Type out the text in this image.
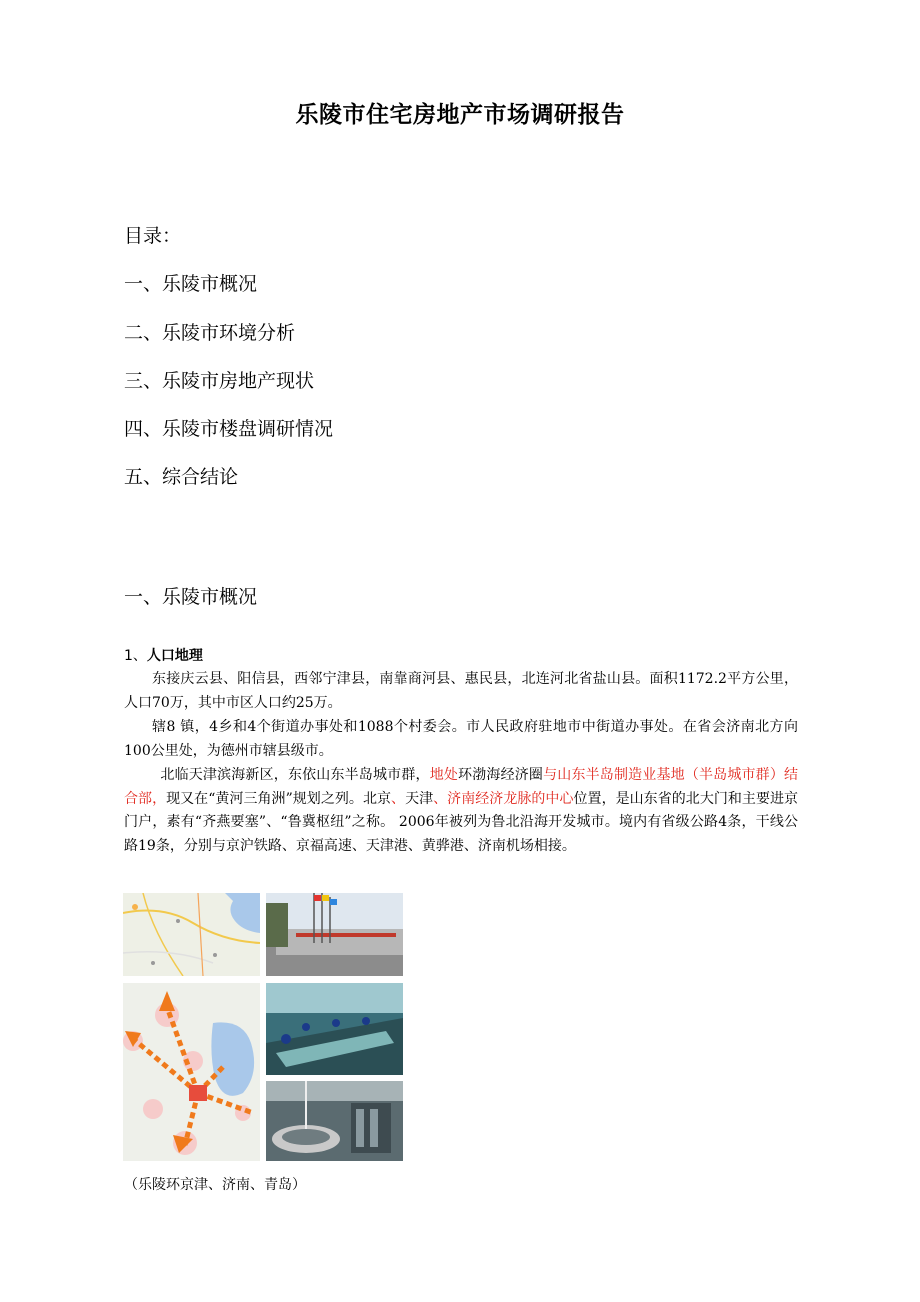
乐陵市住宅房地产市场调研报告
目录：
一、乐陵市概况
二、乐陵市环境分析
三、乐陵市房地产现状
四、乐陵市楼盘调研情况
五、综合结论
一、乐陵市概况
1、人口地理
东接庆云县、阳信县，西邻宁津县，南靠商河县、惠民县，北连河北省盐山县。面积1172.2平方公里，人口70万，其中市区人口约25万。
辖8 镇，4乡和4个街道办事处和1088个村委会。市人民政府驻地市中街道办事处。在省会济南北方向100公里处，为德州市辖县级市。
北临天津滨海新区，东依山东半岛城市群，地处环渤海经济圈与山东半岛制造业基地（半岛城市群）结合部，现又在“黄河三角洲”规划之列。北京、天津、济南经济龙脉的中心位置，是山东省的北大门和主要进京门户，素有“齐燕要塞”、“鲁冀枢纽”之称。 2006年被列为鲁北沿海开发城市。境内有省级公路4条，干线公路19条，分别与京沪铁路、京福高速、天津港、黄骅港、济南机场相接。
（乐陵环京津、济南、青岛）
